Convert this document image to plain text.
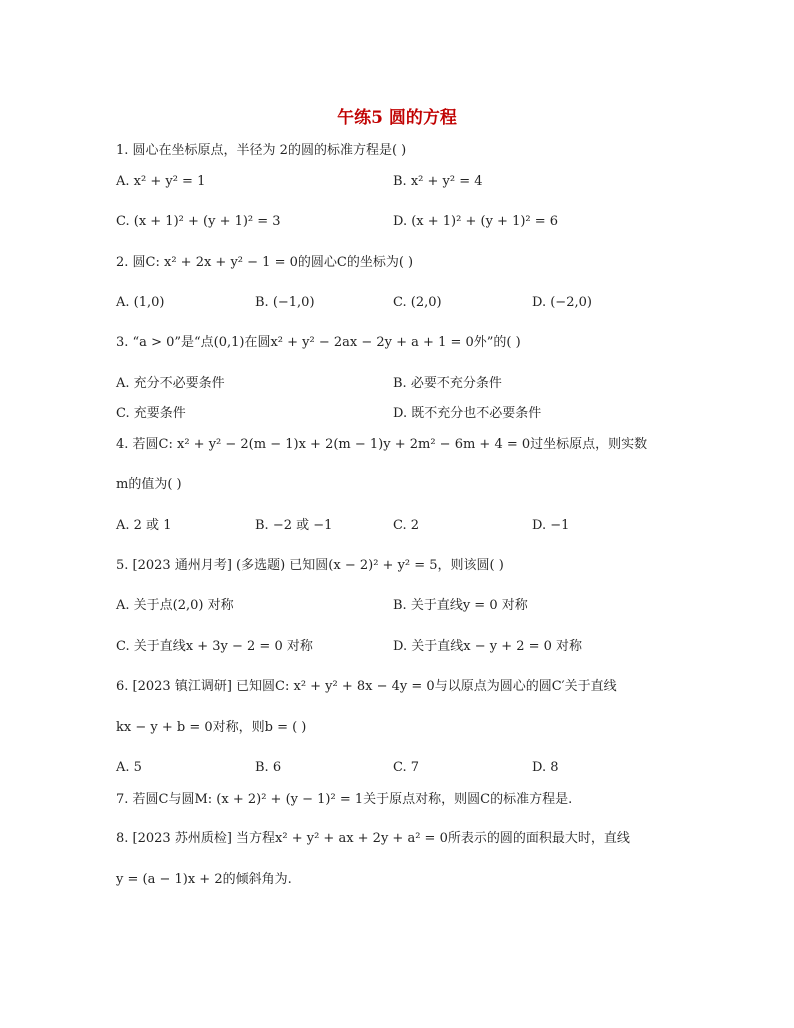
午练5 圆的方程
1. 圆心在坐标原点，半径为 2的圆的标准方程是( )
A. x² + y² = 1	B. x² + y² = 4
C. (x + 1)² + (y + 1)² = 3	D. (x + 1)² + (y + 1)² = 6
2. 圆C: x² + 2x + y² − 1 = 0的圆心C的坐标为( )
A. (1,0)	B. (−1,0)	C. (2,0)	D. (−2,0)
3. “a > 0”是“点(0,1)在圆x² + y² − 2ax − 2y + a + 1 = 0外”的( )
A. 充分不必要条件	B. 必要不充分条件
C. 充要条件	D. 既不充分也不必要条件
4. 若圆C: x² + y² − 2(m − 1)x + 2(m − 1)y + 2m² − 6m + 4 = 0过坐标原点，则实数
m的值为( )
A. 2 或 1	B. −2 或 −1	C. 2	D. −1
5. [2023 通州月考] (多选题) 已知圆(x − 2)² + y² = 5，则该圆( )
A. 关于点(2,0) 对称	B. 关于直线y = 0 对称
C. 关于直线x + 3y − 2 = 0 对称	D. 关于直线x − y + 2 = 0 对称
6. [2023 镇江调研] 已知圆C: x² + y² + 8x − 4y = 0与以原点为圆心的圆C′关于直线
kx − y + b = 0对称，则b = ( )
A. 5	B. 6	C. 7	D. 8
7. 若圆C与圆M: (x + 2)² + (y − 1)² = 1关于原点对称，则圆C的标准方程是.
8. [2023 苏州质检] 当方程x² + y² + ax + 2y + a² = 0所表示的圆的面积最大时，直线
y = (a − 1)x + 2的倾斜角为.
